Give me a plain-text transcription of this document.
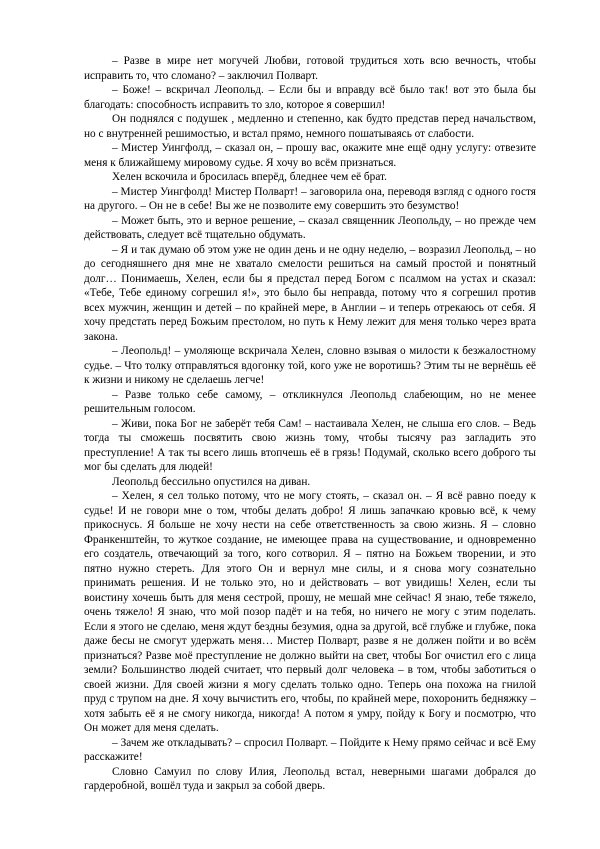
– Разве в мире нет могучей Любви, готовой трудиться хоть всю вечность, чтобы исправить то, что сломано? – заключил Полварт.

– Боже! – вскричал Леопольд. – Если бы и вправду всё было так! вот это была бы благодать: способность исправить то зло, которое я совершил!

Он поднялся с подушек , медленно и степенно, как будто представ перед начальством, но с внутренней решимостью, и встал прямо, немного пошатываясь от слабости.

– Мистер Уингфолд, – сказал он, – прошу вас, окажите мне ещё одну услугу: отвезите меня к ближайшему мировому судье. Я хочу во всём признаться.

Хелен вскочила и бросилась вперёд, бледнее чем её брат.

– Мистер Уингфолд! Мистер Полварт! – заговорила она, переводя взгляд с одного гостя на другого. – Он не в себе! Вы же не позволите ему совершить это безумство!

– Может быть, это и верное решение, – сказал священник Леопольду, – но прежде чем действовать, следует всё тщательно обдумать.

– Я и так думаю об этом уже не один день и не одну неделю, – возразил Леопольд, – но до сегодняшнего дня мне не хватало смелости решиться на самый простой и понятный долг… Понимаешь, Хелен, если бы я предстал перед Богом с псалмом на устах и сказал: «Тебе, Тебе единому согрешил я!», это было бы неправда, потому что я согрешил против всех мужчин, женщин и детей – по крайней мере, в Англии – и теперь отрекаюсь от себя. Я хочу предстать перед Божьим престолом, но путь к Нему лежит для меня только через врата закона.

– Леопольд! – умоляюще вскричала Хелен, словно взывая о милости к безжалостному судье. – Что толку отправляться вдогонку той, кого уже не воротишь? Этим ты не вернёшь её к жизни и никому не сделаешь легче!

– Разве только себе самому, – откликнулся Леопольд слабеющим, но не менее решительным голосом.

– Живи, пока Бог не заберёт тебя Сам! – настаивала Хелен, не слыша его слов. – Ведь тогда ты сможешь посвятить свою жизнь тому, чтобы тысячу раз загладить это преступление! А так ты всего лишь втопчешь её в грязь! Подумай, сколько всего доброго ты мог бы сделать для людей!

Леопольд бессильно опустился на диван.

– Хелен, я сел только потому, что не могу стоять, – сказал он. – Я всё равно поеду к судье! И не говори мне о том, чтобы делать добро! Я лишь запачкаю кровью всё, к чему прикоснусь. Я больше не хочу нести на себе ответственность за свою жизнь. Я – словно Франкенштейн, то жуткое создание, не имеющее права на существование, и одновременно его создатель, отвечающий за того, кого сотворил. Я – пятно на Божьем творении, и это пятно нужно стереть. Для этого Он и вернул мне силы, и я снова могу сознательно принимать решения. И не только это, но и действовать – вот увидишь! Хелен, если ты воистину хочешь быть для меня сестрой, прошу, не мешай мне сейчас! Я знаю, тебе тяжело, очень тяжело! Я знаю, что мой позор падёт и на тебя, но ничего не могу с этим поделать. Если я этого не сделаю, меня ждут бездны безумия, одна за другой, всё глубже и глубже, пока даже бесы не смогут удержать меня… Мистер Полварт, разве я не должен пойти и во всём признаться? Разве моё преступление не должно выйти на свет, чтобы Бог очистил его с лица земли? Большинство людей считает, что первый долг человека – в том, чтобы заботиться о своей жизни. Для своей жизни я могу сделать только одно. Теперь она похожа на гнилой пруд с трупом на дне. Я хочу вычистить его, чтобы, по крайней мере, похоронить бедняжку – хотя забыть её я не смогу никогда, никогда! А потом я умру, пойду к Богу и посмотрю, что Он может для меня сделать.

– Зачем же откладывать? – спросил Полварт. – Пойдите к Нему прямо сейчас и всё Ему расскажите!

Словно Самуил по слову Илия, Леопольд встал, неверными шагами добрался до гардеробной, вошёл туда и закрыл за собой дверь.
